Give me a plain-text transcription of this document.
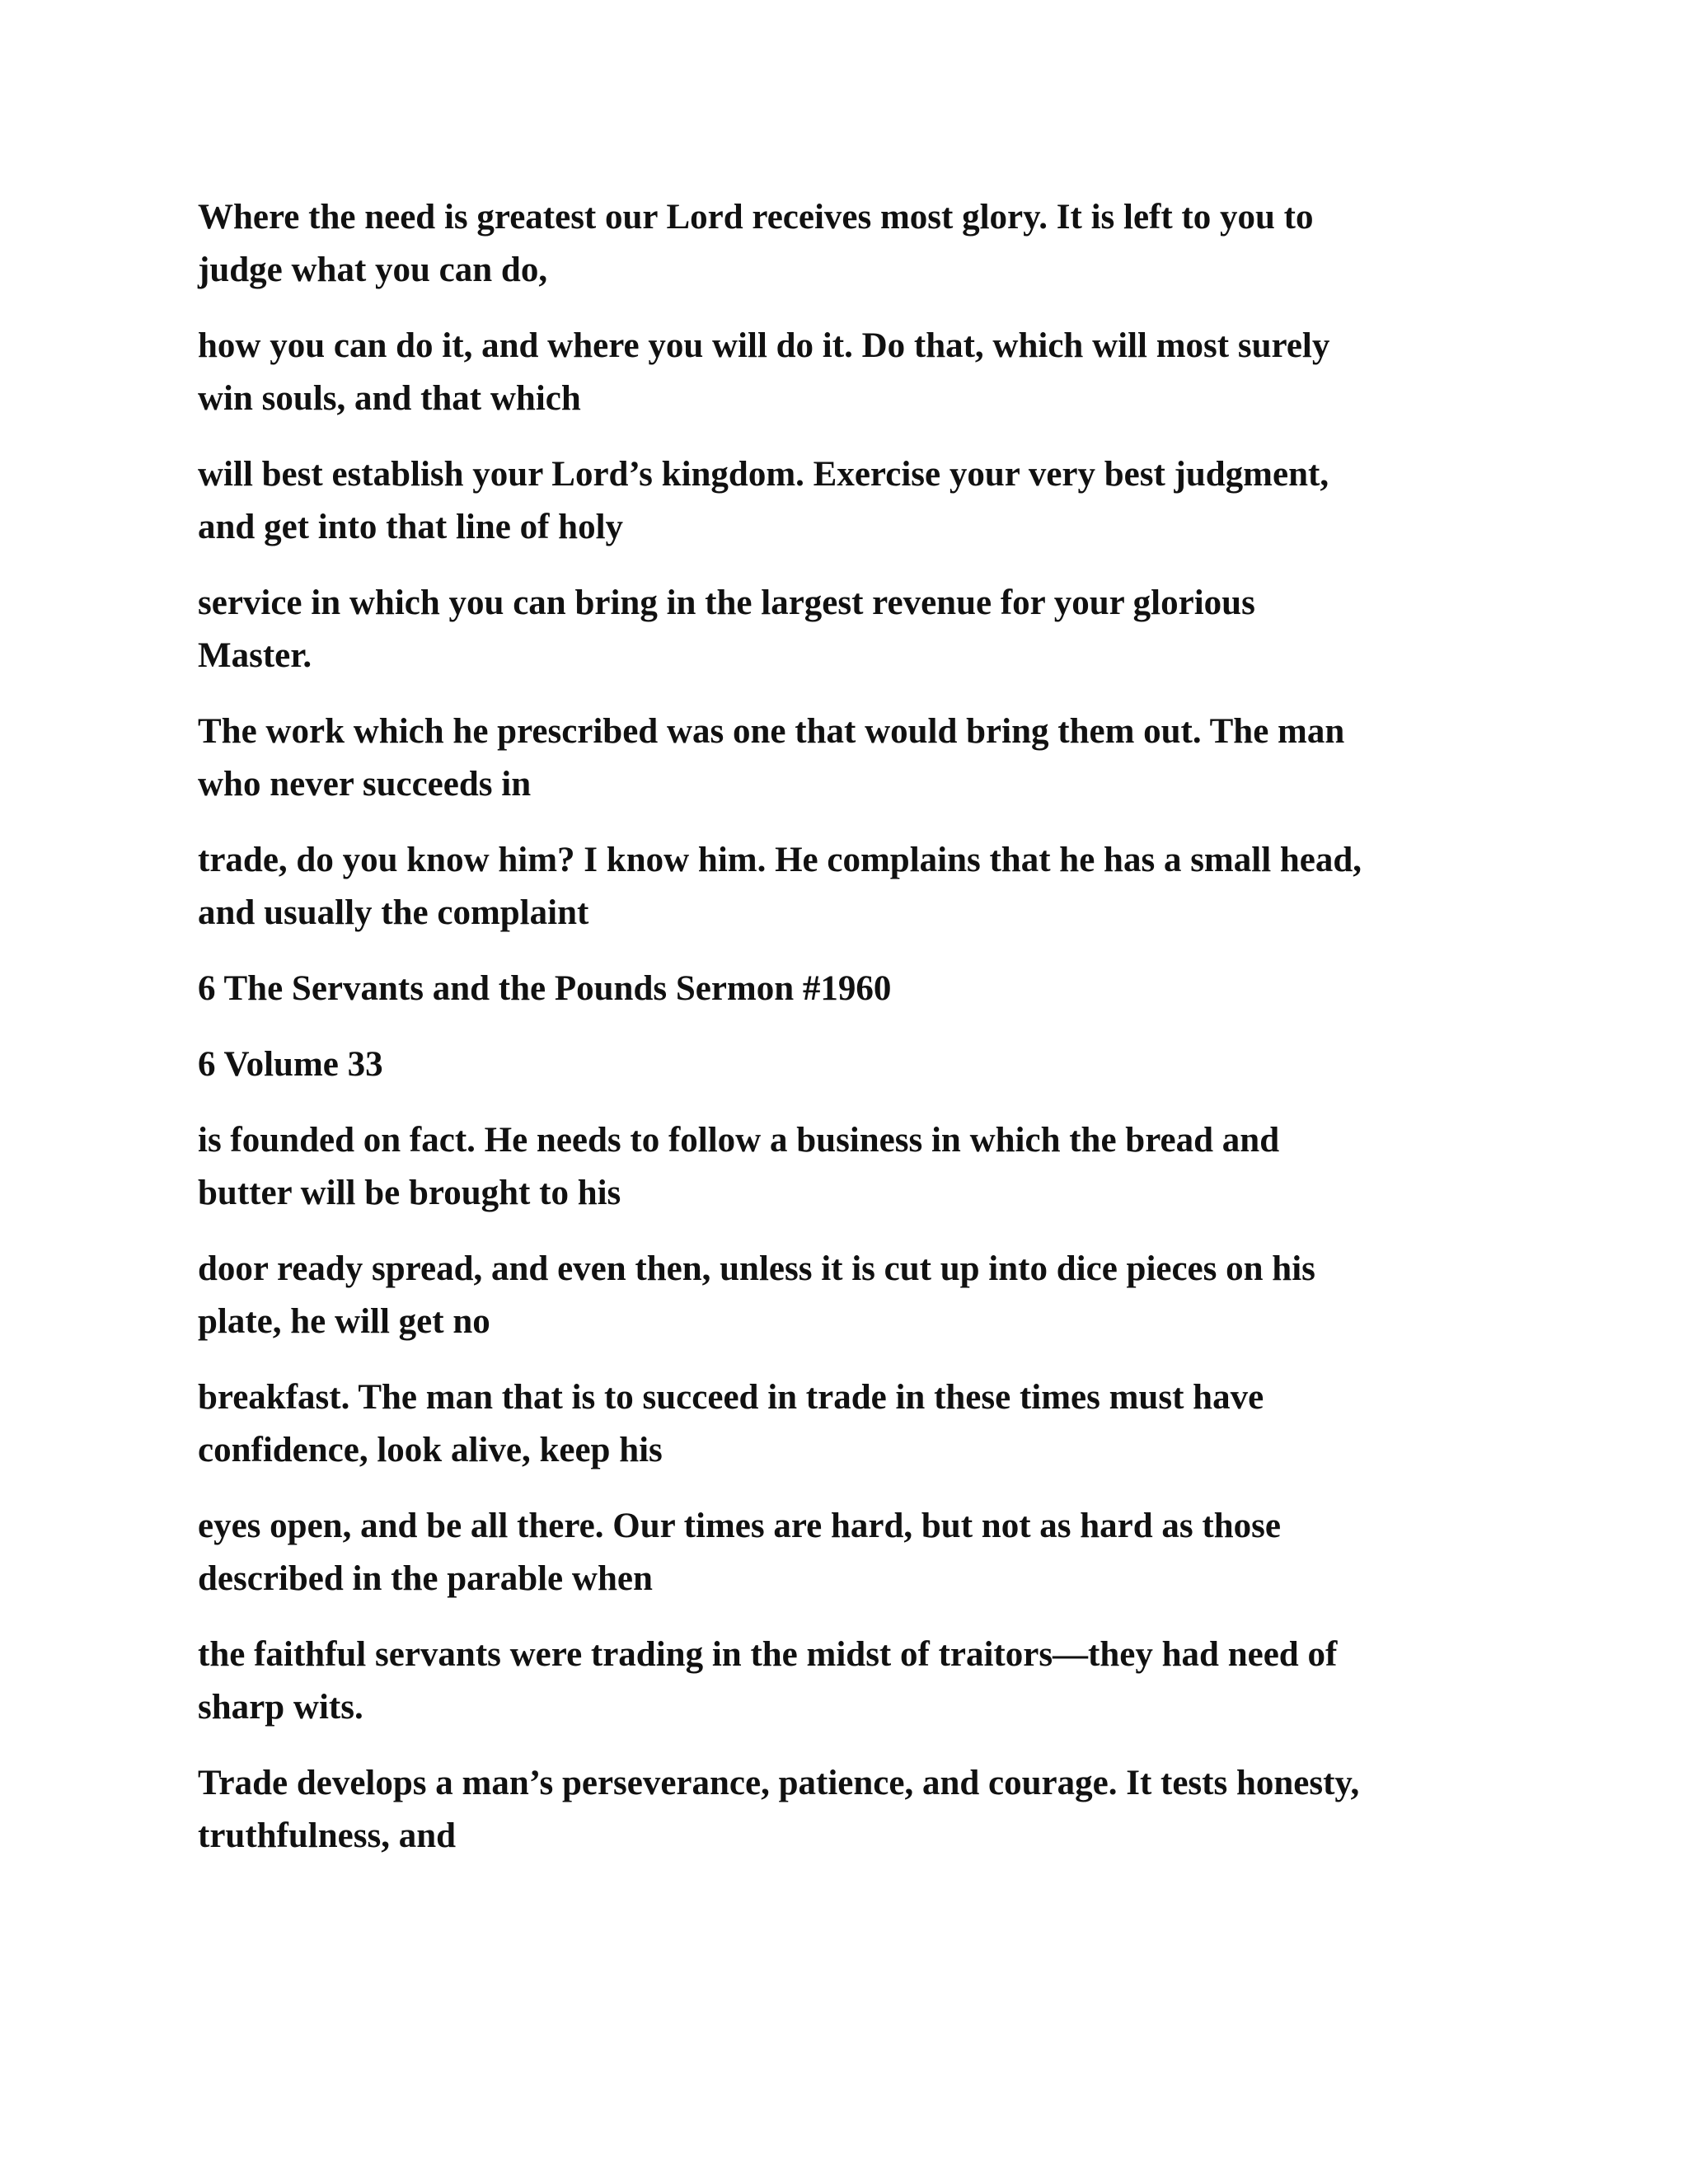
Where the need is greatest our Lord receives most glory. It is left to you to
judge what you can do,

how you can do it, and where you will do it. Do that, which will most surely
win souls, and that which

will best establish your Lord’s kingdom. Exercise your very best judgment,
and get into that line of holy

service in which you can bring in the largest revenue for your glorious
Master.

The work which he prescribed was one that would bring them out. The man
who never succeeds in

trade, do you know him? I know him. He complains that he has a small head,
and usually the complaint

6 The Servants and the Pounds Sermon #1960

6 Volume 33

is founded on fact. He needs to follow a business in which the bread and
butter will be brought to his

door ready spread, and even then, unless it is cut up into dice pieces on his
plate, he will get no

breakfast. The man that is to succeed in trade in these times must have
confidence, look alive, keep his

eyes open, and be all there. Our times are hard, but not as hard as those
described in the parable when

the faithful servants were trading in the midst of traitors—they had need of
sharp wits.

Trade develops a man’s perseverance, patience, and courage. It tests honesty,
truthfulness, and
